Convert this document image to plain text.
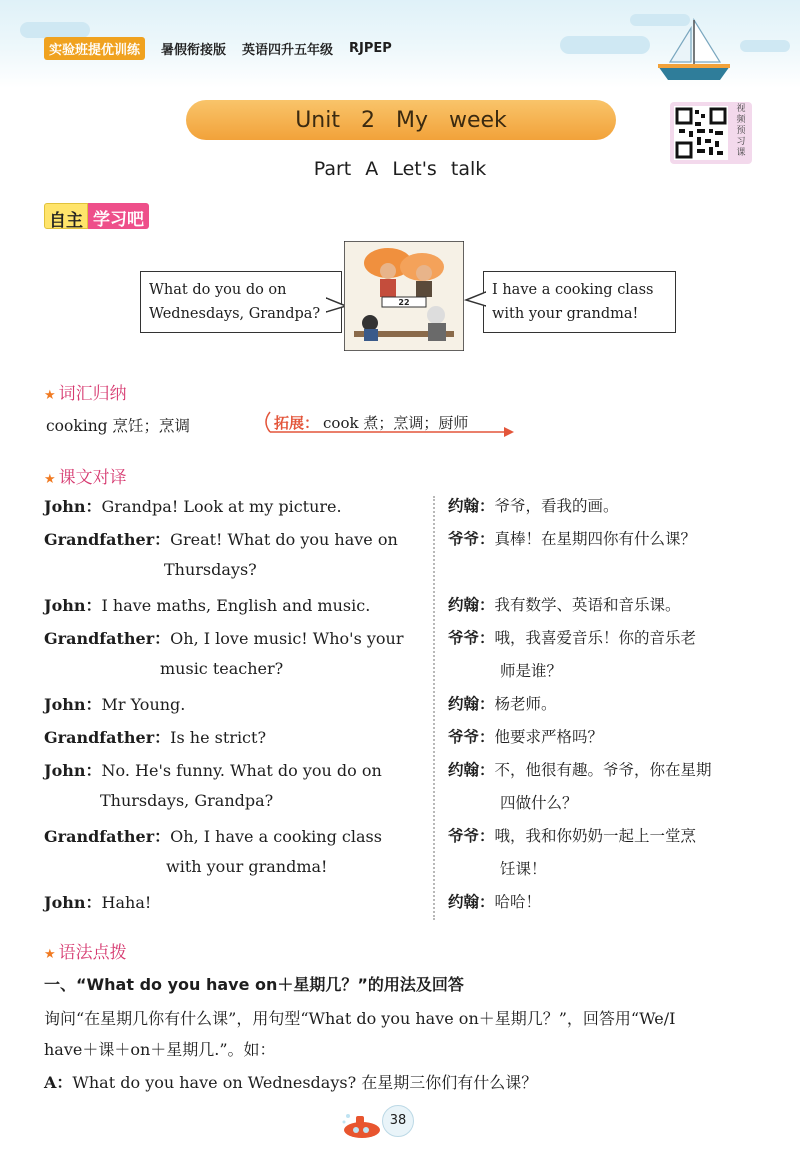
实验班提优训练	暑假衔接版 英语四升五年级 RJPEP
Unit 2 My week
Part A Let's talk
视频预习课
自主 学习吧
What do you do on
Wednesdays, Grandpa?
I have a cooking class
with your grandma!
22
★ 词汇归纳
cooking 烹饪；烹调	拓展： cook 煮；烹调；厨师
★ 课文对译
John：Grandpa! Look at my picture.
Grandfather：Great! What do you have on
Thursdays?
John：I have maths, English and music.
Grandfather：Oh, I love music! Who's your
music teacher?
John：Mr Young.
Grandfather：Is he strict?
John：No. He's funny. What do you do on
Thursdays, Grandpa?
Grandfather：Oh, I have a cooking class
with your grandma!
John：Haha!
约翰：爷爷，看我的画。
爷爷：真棒！在星期四你有什么课？
约翰：我有数学、英语和音乐课。
爷爷：哦，我喜爱音乐！你的音乐老
师是谁？
约翰：杨老师。
爷爷：他要求严格吗？
约翰：不，他很有趣。爷爷，你在星期
四做什么？
爷爷：哦，我和你奶奶一起上一堂烹
饪课！
约翰：哈哈！
★ 语法点拨
一、“What do you have on＋星期几？”的用法及回答
询问“在星期几你有什么课”，用句型“What do you have on＋星期几？”，回答用“We/I
have＋课＋on＋星期几.”。如：
A：What do you have on Wednesdays? 在星期三你们有什么课？
38
